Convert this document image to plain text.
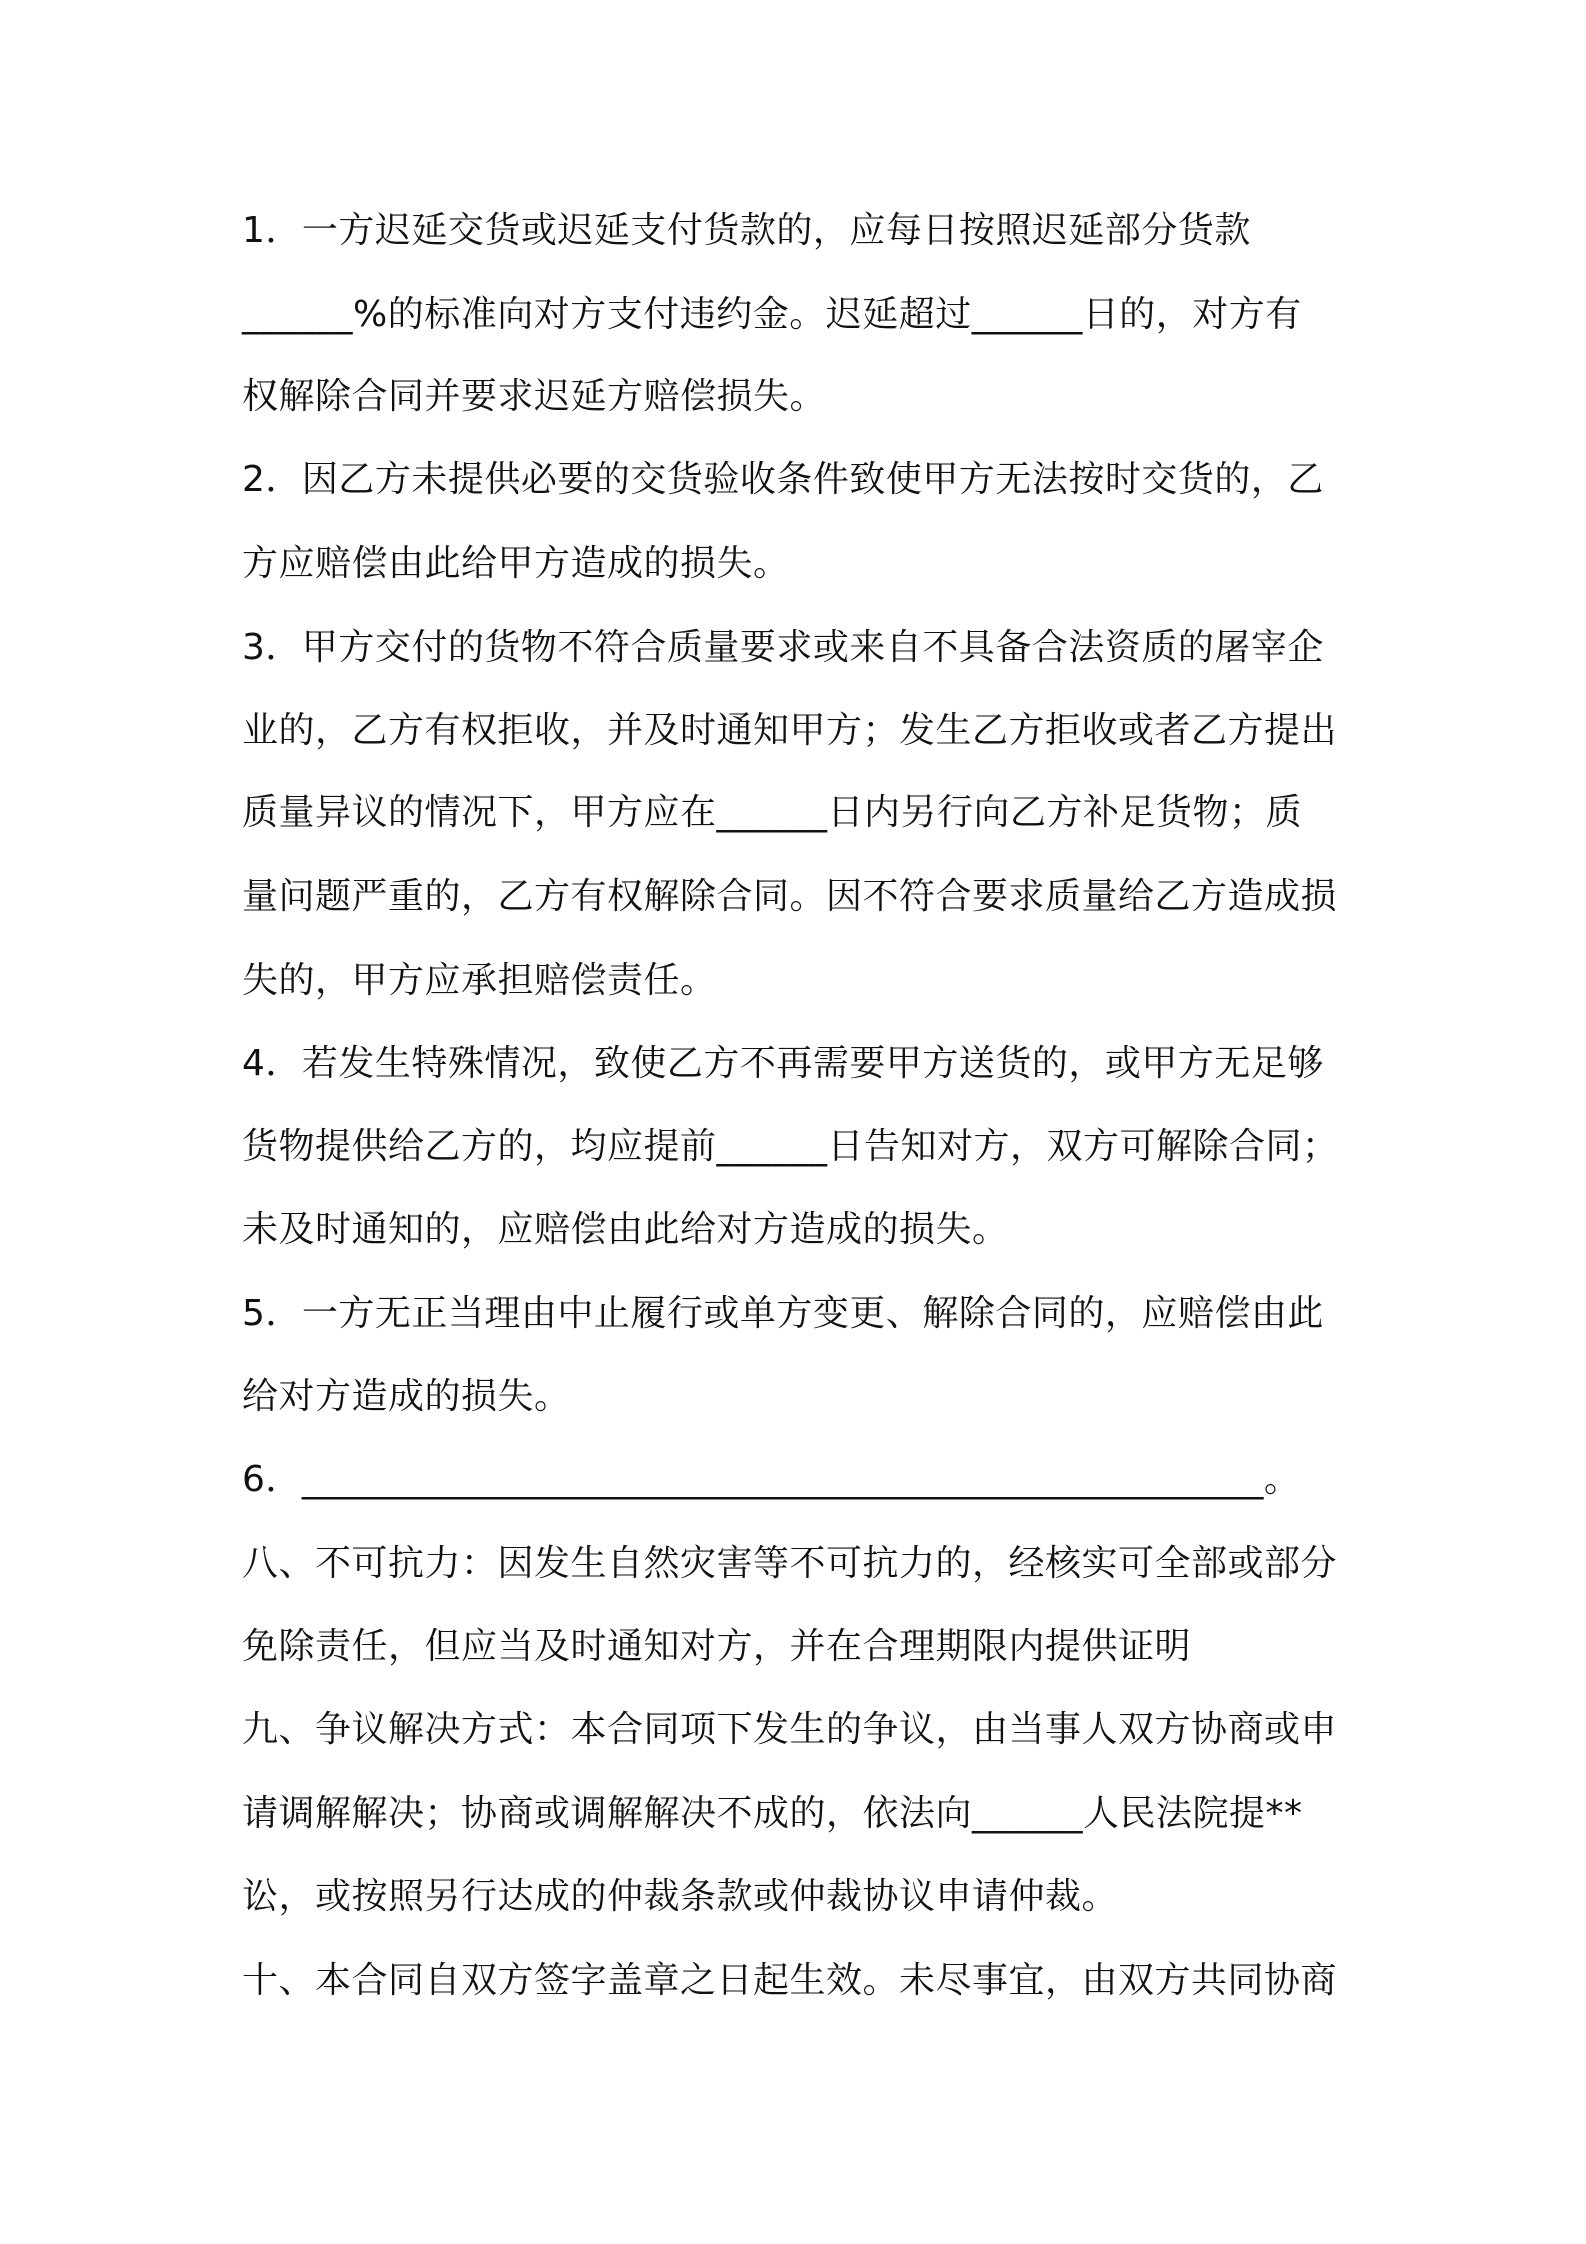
1．一方迟延交货或迟延支付货款的，应每日按照迟延部分货款
______%的标准向对方支付违约金。迟延超过______日的，对方有
权解除合同并要求迟延方赔偿损失。
2．因乙方未提供必要的交货验收条件致使甲方无法按时交货的，乙
方应赔偿由此给甲方造成的损失。
3．甲方交付的货物不符合质量要求或来自不具备合法资质的屠宰企
业的，乙方有权拒收，并及时通知甲方；发生乙方拒收或者乙方提出
质量异议的情况下，甲方应在______日内另行向乙方补足货物；质
量问题严重的，乙方有权解除合同。因不符合要求质量给乙方造成损
失的，甲方应承担赔偿责任。
4．若发生特殊情况，致使乙方不再需要甲方送货的，或甲方无足够
货物提供给乙方的，均应提前______日告知对方，双方可解除合同；
未及时通知的，应赔偿由此给对方造成的损失。
5．一方无正当理由中止履行或单方变更、解除合同的，应赔偿由此
给对方造成的损失。
6．____________________________________________________。
八、不可抗力：因发生自然灾害等不可抗力的，经核实可全部或部分
免除责任，但应当及时通知对方，并在合理期限内提供证明
九、争议解决方式：本合同项下发生的争议，由当事人双方协商或申
请调解解决；协商或调解解决不成的，依法向______人民法院提**
讼，或按照另行达成的仲裁条款或仲裁协议申请仲裁。
十、本合同自双方签字盖章之日起生效。未尽事宜，由双方共同协商
